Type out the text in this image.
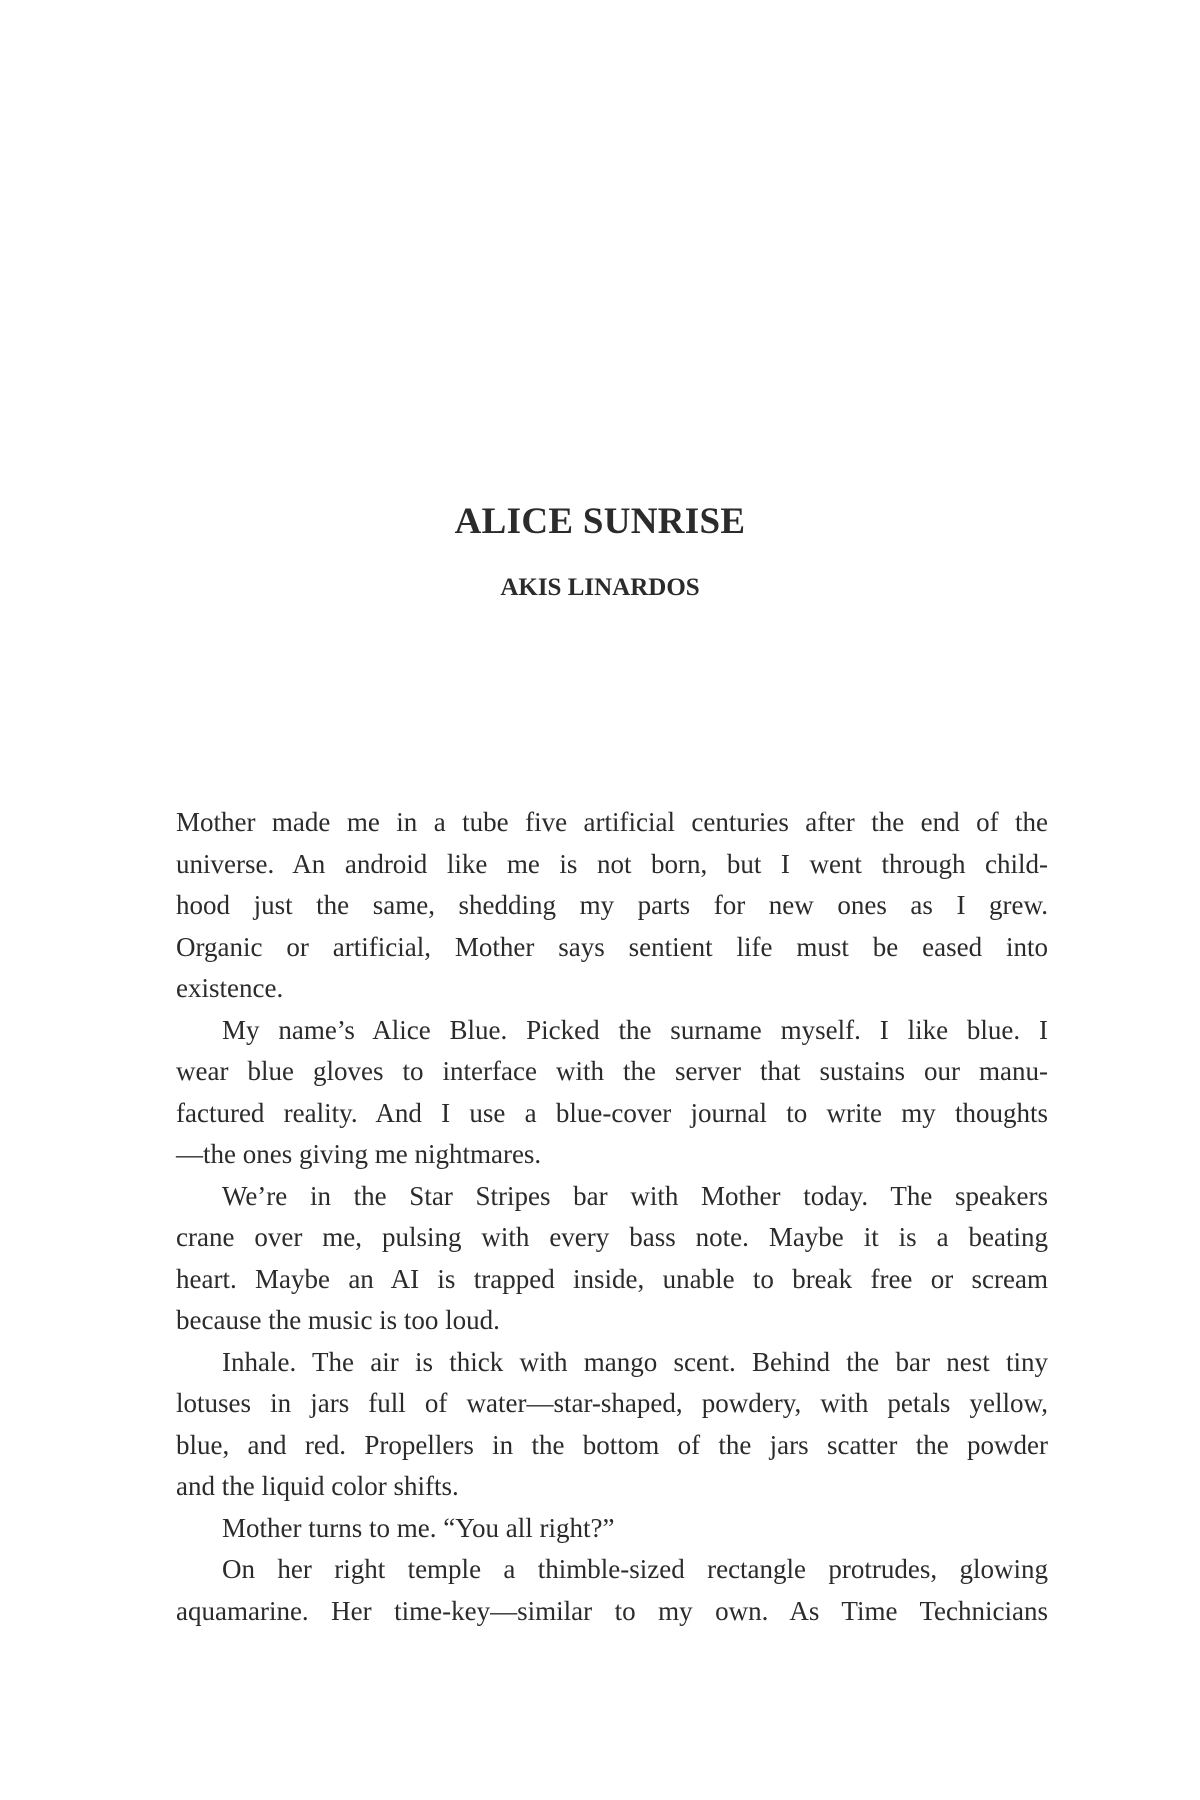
ALICE SUNRISE
AKIS LINARDOS
Mother made me in a tube five artificial centuries after the end of the
universe. An android like me is not born, but I went through child-
hood just the same, shedding my parts for new ones as I grew.
Organic or artificial, Mother says sentient life must be eased into
existence.
My name’s Alice Blue. Picked the surname myself. I like blue. I
wear blue gloves to interface with the server that sustains our manu-
factured reality. And I use a blue-cover journal to write my thoughts
—the ones giving me nightmares.
We’re in the Star Stripes bar with Mother today. The speakers
crane over me, pulsing with every bass note. Maybe it is a beating
heart. Maybe an AI is trapped inside, unable to break free or scream
because the music is too loud.
Inhale. The air is thick with mango scent. Behind the bar nest tiny
lotuses in jars full of water—star-shaped, powdery, with petals yellow,
blue, and red. Propellers in the bottom of the jars scatter the powder
and the liquid color shifts.
Mother turns to me. “You all right?”
On her right temple a thimble-sized rectangle protrudes, glowing
aquamarine. Her time-key—similar to my own. As Time Technicians
